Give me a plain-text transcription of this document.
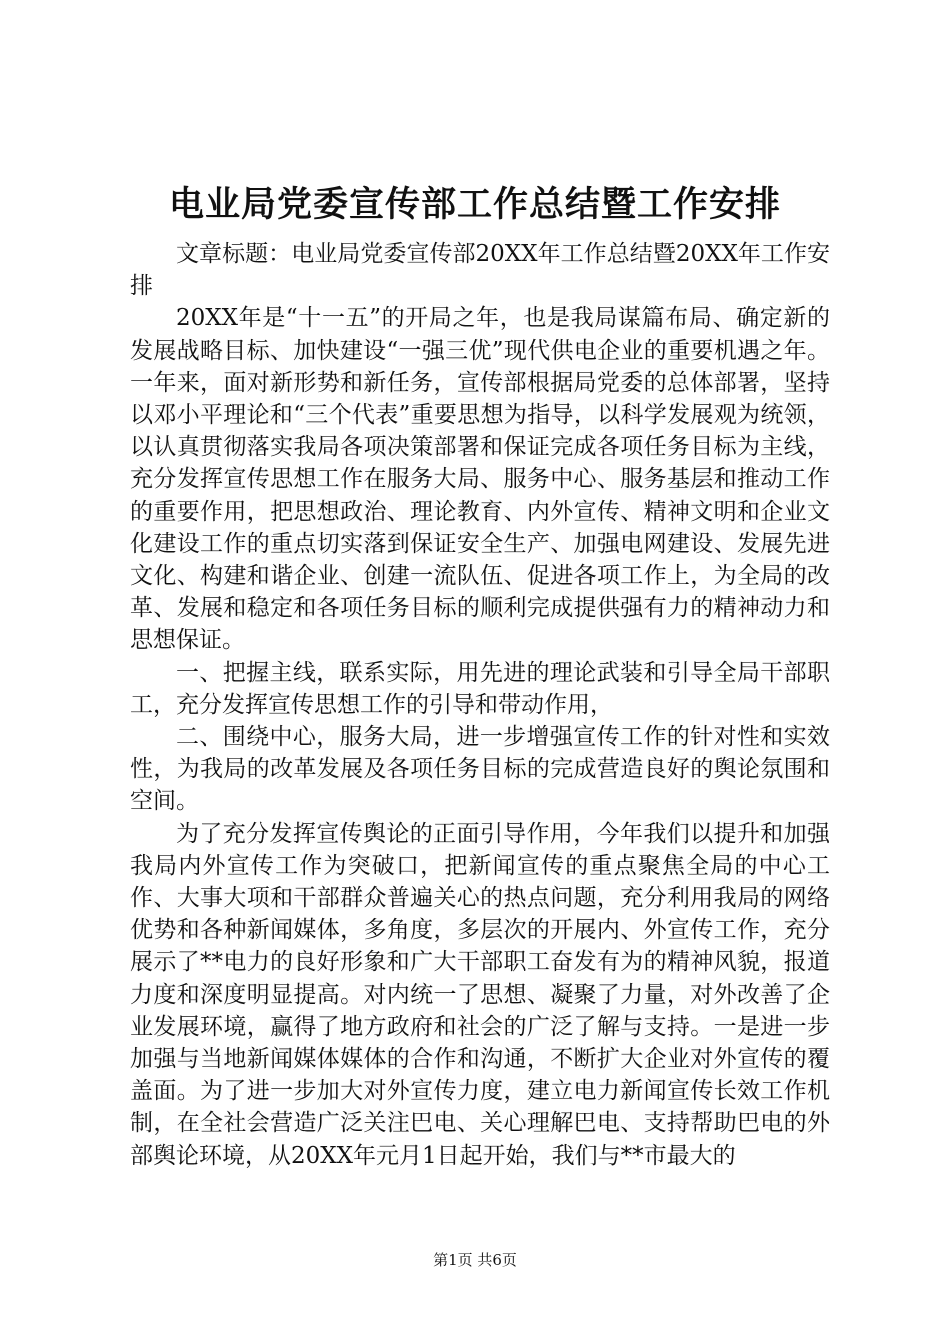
电业局党委宣传部工作总结暨工作安排

文章标题：电业局党委宣传部20XX年工作总结暨20XX年工作安排

20XX年是“十一五”的开局之年，也是我局谋篇布局、确定新的发展战略目标、加快建设“一强三优”现代供电企业的重要机遇之年。一年来，面对新形势和新任务，宣传部根据局党委的总体部署，坚持以邓小平理论和“三个代表”重要思想为指导，以科学发展观为统领，以认真贯彻落实我局各项决策部署和保证完成各项任务目标为主线，充分发挥宣传思想工作在服务大局、服务中心、服务基层和推动工作的重要作用，把思想政治、理论教育、内外宣传、精神文明和企业文化建设工作的重点切实落到保证安全生产、加强电网建设、发展先进文化、构建和谐企业、创建一流队伍、促进各项工作上，为全局的改革、发展和稳定和各项任务目标的顺利完成提供强有力的精神动力和思想保证。

一、把握主线，联系实际，用先进的理论武装和引导全局干部职工，充分发挥宣传思想工作的引导和带动作用，

二、围绕中心，服务大局，进一步增强宣传工作的针对性和实效性，为我局的改革发展及各项任务目标的完成营造良好的舆论氛围和空间。

为了充分发挥宣传舆论的正面引导作用，今年我们以提升和加强我局内外宣传工作为突破口，把新闻宣传的重点聚焦全局的中心工作、大事大项和干部群众普遍关心的热点问题，充分利用我局的网络优势和各种新闻媒体，多角度，多层次的开展内、外宣传工作，充分展示了**电力的良好形象和广大干部职工奋发有为的精神风貌，报道力度和深度明显提高。对内统一了思想、凝聚了力量，对外改善了企业发展环境，赢得了地方政府和社会的广泛了解与支持。一是进一步加强与当地新闻媒体媒体的合作和沟通，不断扩大企业对外宣传的覆盖面。为了进一步加大对外宣传力度，建立电力新闻宣传长效工作机制，在全社会营造广泛关注巴电、关心理解巴电、支持帮助巴电的外部舆论环境，从20XX年元月1日起开始，我们与**市最大的

第1页 共6页
